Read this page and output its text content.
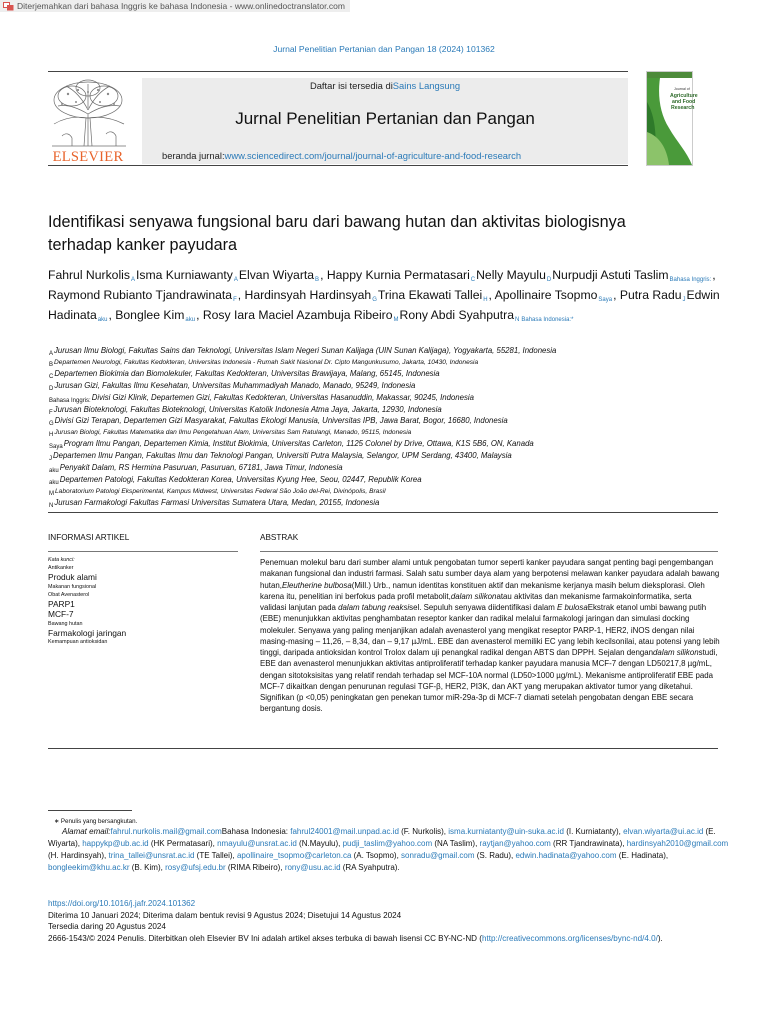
Diterjemahkan dari bahasa Inggris ke bahasa Indonesia - www.onlinedoctranslator.com
Jurnal Penelitian Pertanian dan Pangan 18 (2024) 101362
ELSEVIER
Daftar isi tersedia diSains Langsung
Jurnal Penelitian Pertanian dan Pangan
beranda jurnal:www.sciencedirect.com/journal/journal-of-agriculture-and-food-research
Journal of
Agriculture
and Food
Research
Identifikasi senyawa fungsional baru dari bawang hutan dan aktivitas biologisnya terhadap kanker payudara
Fahrul Nurkolis$^A$Isma Kurniawanty$^A$Elvan Wiyarta$^B$, Happy Kurnia Permatasari$^C$Nelly Mayulu$^D$Nurpudji Astuti Taslim$^{Bahasa Inggris:}$, Raymond Rubianto Tjandrawinata$^F$, Hardinsyah Hardinsyah$^G$Trina Ekawati Tallei$^H$, Apollinaire Tsopmo$^{Saya}$, Putra Radu$^J$Edwin Hadinata$^{aku}$, Bonglee Kim$^{aku}$, Rosy Iara Maciel Azambuja Ribeiro$^M$Rony Abdi Syahputra$^N$ $^{Bahasa Indonesia:*}$
$^A$Jurusan Ilmu Biologi, Fakultas Sains dan Teknologi, Universitas Islam Negeri Sunan Kalijaga (UIN Sunan Kalijaga), Yogyakarta, 55281, Indonesia
$^B$Departemen Neurologi, Fakultas Kedokteran, Universitas Indonesia - Rumah Sakit Nasional Dr. Cipto Mangunkusumo, Jakarta, 10430, Indonesia
$^C$Departemen Biokimia dan Biomolekuler, Fakultas Kedokteran, Universitas Brawijaya, Malang, 65145, Indonesia
$^D$Jurusan Gizi, Fakultas Ilmu Kesehatan, Universitas Muhammadiyah Manado, Manado, 95249, Indonesia
$^{Bahasa Inggris:}$Divisi Gizi Klinik, Departemen Gizi, Fakultas Kedokteran, Universitas Hasanuddin, Makassar, 90245, Indonesia
$^F$Jurusan Bioteknologi, Fakultas Bioteknologi, Universitas Katolik Indonesia Atma Jaya, Jakarta, 12930, Indonesia
$^G$Divisi Gizi Terapan, Departemen Gizi Masyarakat, Fakultas Ekologi Manusia, Universitas IPB, Jawa Barat, Bogor, 16680, Indonesia
$^H$Jurusan Biologi, Fakultas Matematika dan Ilmu Pengetahuan Alam, Universitas Sam Ratulangi, Manado, 95115, Indonesia
$^{Saya}$Program Ilmu Pangan, Departemen Kimia, Institut Biokimia, Universitas Carleton, 1125 Colonel by Drive, Ottawa, K1S 5B6, ON, Kanada
$^J$Departemen Ilmu Pangan, Fakultas Ilmu dan Teknologi Pangan, Universiti Putra Malaysia, Selangor, UPM Serdang, 43400, Malaysia
$^{aku}$Penyakit Dalam, RS Hermina Pasuruan, Pasuruan, 67181, Jawa Timur, Indonesia
$^{aku}$Departemen Patologi, Fakultas Kedokteran Korea, Universitas Kyung Hee, Seou, 02447, Republik Korea
$^M$Laboratorium Patologi Eksperimental, Kampus Midwest, Universitas Federal São João del-Rei, Divinópolis, Brasil
$^N$Jurusan Farmakologi Fakultas Farmasi Universitas Sumatera Utara, Medan, 20155, Indonesia
INFORMASI ARTIKEL	ABSTRAK
Kata kunci:
Antikanker
Produk alami
Makanan fungsional
Obat Avenasterol
PARP1
MCF-7
Bawang hutan
Farmakologi jaringan
Kemampuan antioksidan
Penemuan molekul baru dari sumber alami untuk pengobatan tumor seperti kanker payudara sangat penting bagi pengembangan makanan fungsional dan industri farmasi. Salah satu sumber daya alam yang berpotensi melawan kanker payudara adalah bawang hutan,Eleutherine bulbosa(Mill.) Urb., namun identitas konstituen aktif dan mekanisme kerjanya masih belum dieksplorasi. Oleh karena itu, penelitian ini berfokus pada profil metabolit,dalam silikonatau aktivitas dan mekanisme farmakoinformatika, serta validasi lanjutan pada dalam tabung reaksisel. Sepuluh senyawa diidentifikasi dalam E bulosaEkstrak etanol umbi bawang putih (EBE) menunjukkan aktivitas penghambatan reseptor kanker dan radikal melalui farmakologi jaringan dan simulasi docking molekuler. Senyawa yang paling menjanjikan adalah avenasterol yang mengikat reseptor PARP-1, HER2, iNOS dengan nilai masing-masing – 11,26, – 8,34, dan – 9,17 µJ/mL. EBE dan avenasterol memiliki EC yang lebih kecilsonilai, atau potensi yang lebih tinggi, daripada antioksidan kontrol Trolox dalam uji penangkal radikal dengan ABTS dan DPPH. Sejalan dengandalam silikonstudi, EBE dan avenasterol menunjukkan aktivitas antiproliferatif terhadap kanker payudara manusia MCF-7 dengan LD50217,8 µg/mL, dengan sitotoksisitas yang relatif rendah terhadap sel MCF-10A normal (LD50>1000 µg/mL). Mekanisme antiproliferatif EBE pada MCF-7 dikaitkan dengan penurunan regulasi TGF-β, HER2, PI3K, dan AKT yang merupakan aktivator tumor yang diketahui. Signifikan (p <0,05) peningkatan gen penekan tumor miR-29a-3p di MCF-7 diamati setelah pengobatan dengan EBE secara bergantung dosis.
∗ Penulis yang bersangkutan.
Alamat email:fahrul.nurkolis.mail@gmail.comBahasa Indonesia: fahrul24001@mail.unpad.ac.id (F. Nurkolis), isma.kurniatanty@uin-suka.ac.id (I. Kurniatanty), elvan.wiyarta@ui.ac.id (E. Wiyarta), happykp@ub.ac.id (HK Permatasari), nmayulu@unsrat.ac.id (N.Mayulu), pudji_taslim@yahoo.com (NA Taslim), raytjan@yahoo.com (RR Tjandrawinata), hardinsyah2010@gmail.com (H. Hardinsyah), trina_tallei@unsrat.ac.id (TE Tallei), apollinaire_tsopmo@carleton.ca (A. Tsopmo), sonradu@gmail.com (S. Radu), edwin.hadinata@yahoo.com (E. Hadinata), bongleekim@khu.ac.kr (B. Kim), rosy@ufsj.edu.br (RIMA Ribeiro), rony@usu.ac.id (RA Syahputra).
https://doi.org/10.1016/j.jafr.2024.101362
Diterima 10 Januari 2024; Diterima dalam bentuk revisi 9 Agustus 2024; Disetujui 14 Agustus 2024
Tersedia daring 20 Agustus 2024
2666-1543/© 2024 Penulis. Diterbitkan oleh Elsevier BV Ini adalah artikel akses terbuka di bawah lisensi CC BY-NC-ND (http://creativecommons.org/licenses/bync-nd/4.0/).
